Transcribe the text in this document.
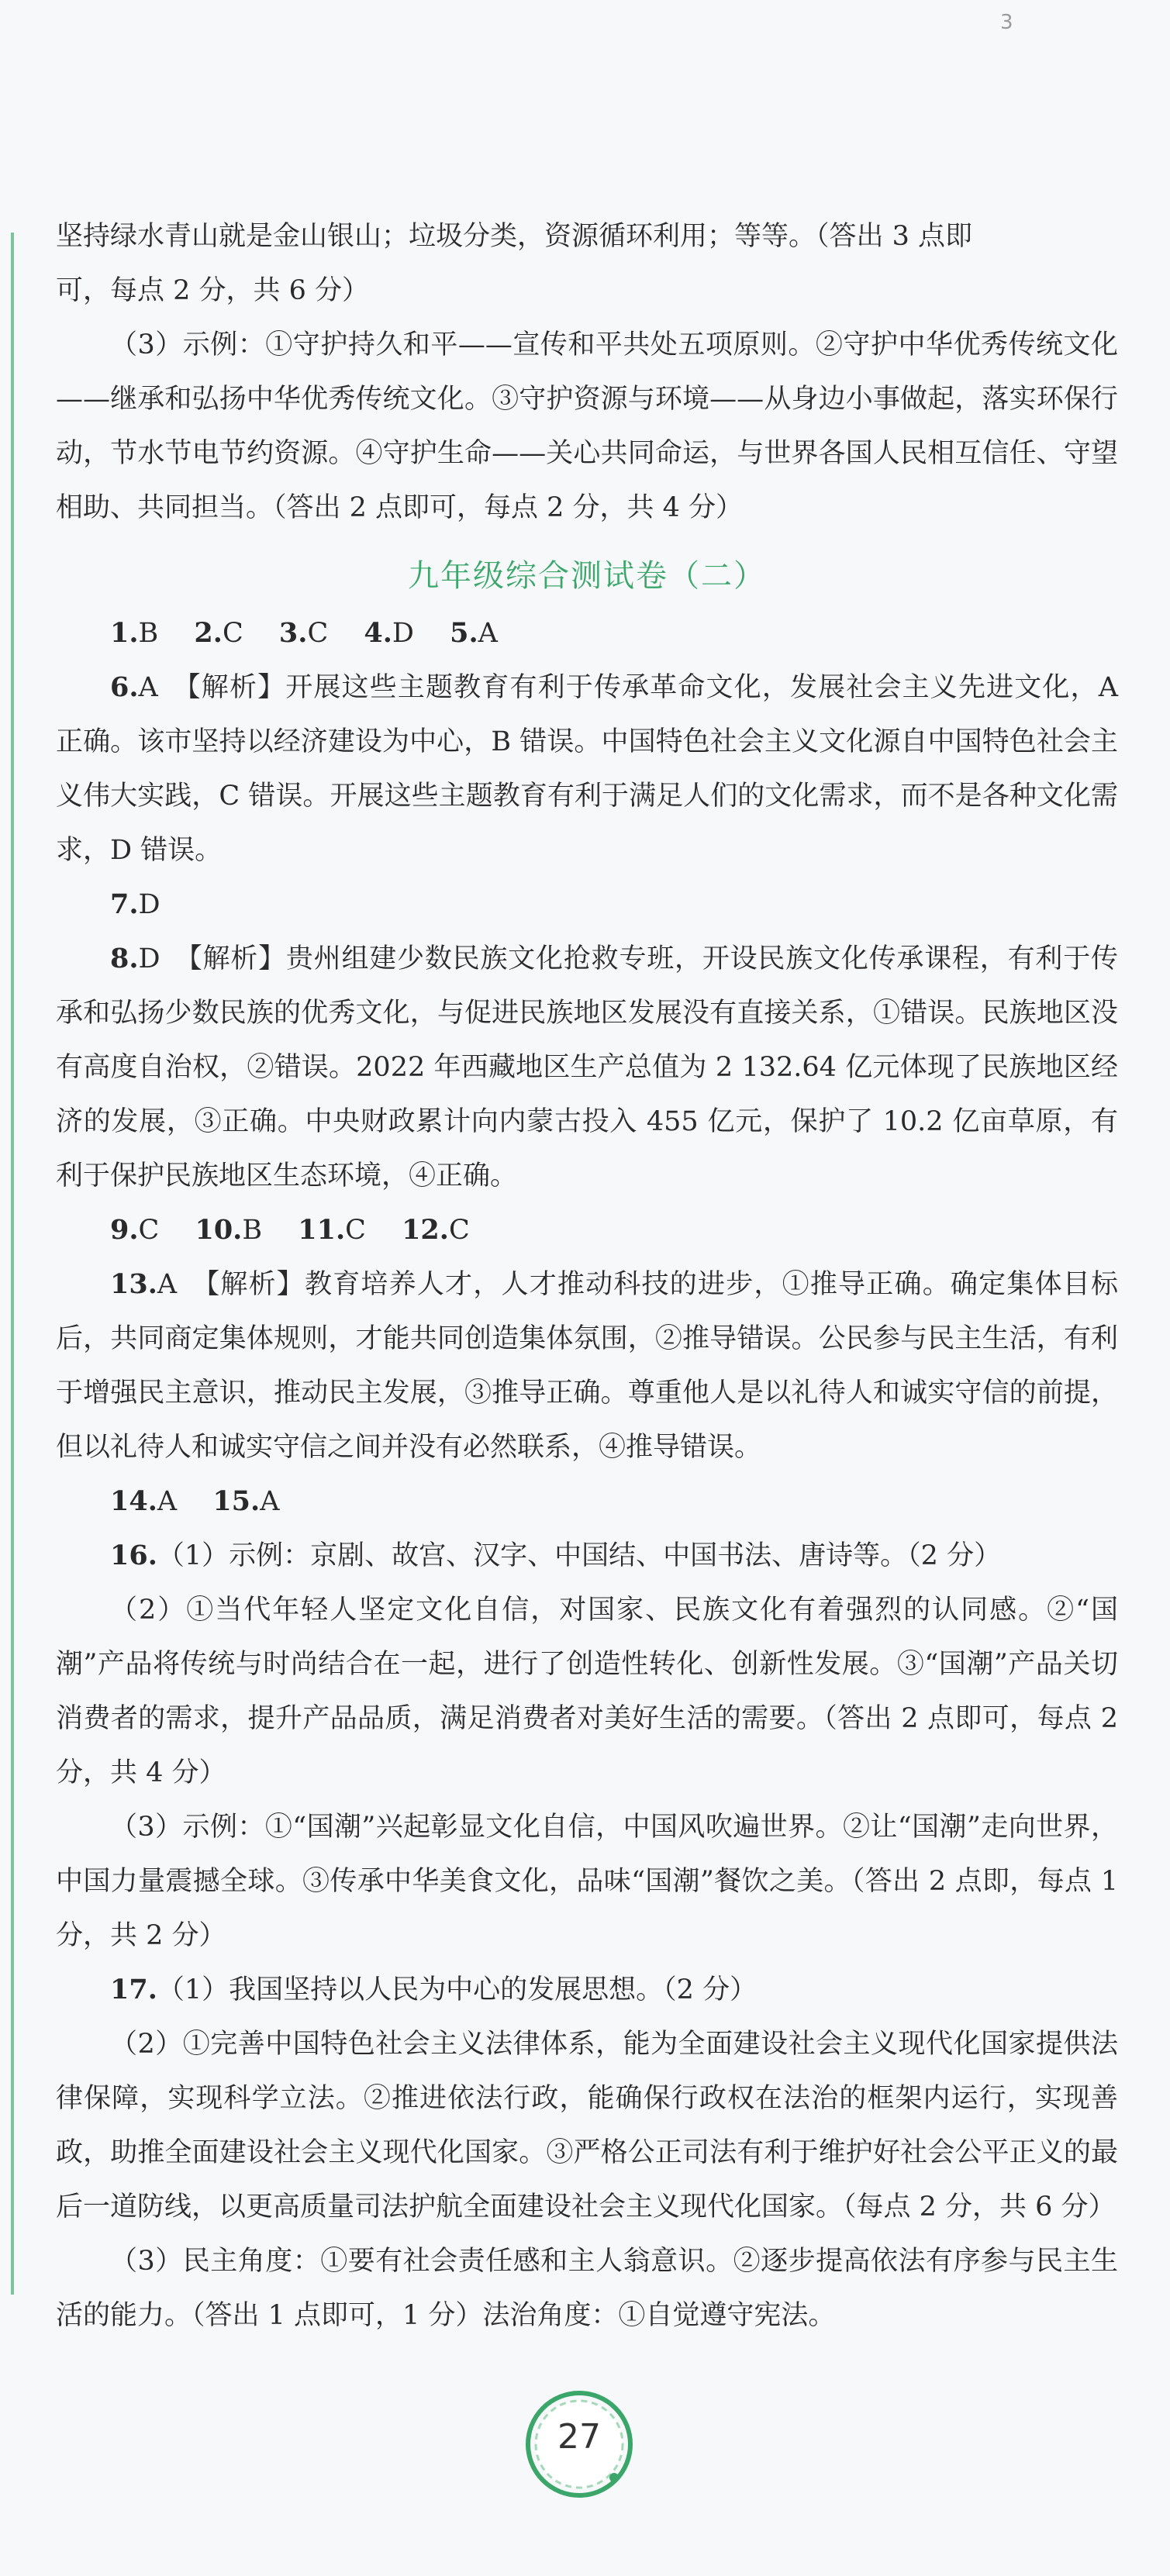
3

坚持绿水青山就是金山银山；垃圾分类，资源循环利用；等等。（答出 3 点即

可，每点 2 分，共 6 分）

（3）示例：①守护持久和平——宣传和平共处五项原则。②守护中华优秀传统文化——继承和弘扬中华优秀传统文化。③守护资源与环境——从身边小事做起，落实环保行动，节水节电节约资源。④守护生命——关心共同命运，与世界各国人民相互信任、守望相助、共同担当。（答出 2 点即可，每点 2 分，共 4 分）

九年级综合测试卷（二）

1.B　 2.C　 3.C　 4.D　 5.A

6.A　【解析】开展这些主题教育有利于传承革命文化，发展社会主义先进文化，A 正确。该市坚持以经济建设为中心，B 错误。中国特色社会主义文化源自中国特色社会主义伟大实践，C 错误。开展这些主题教育有利于满足人们的文化需求，而不是各种文化需求，D 错误。

7.D

8.D　【解析】贵州组建少数民族文化抢救专班，开设民族文化传承课程，有利于传承和弘扬少数民族的优秀文化，与促进民族地区发展没有直接关系，①错误。民族地区没有高度自治权，②错误。2022 年西藏地区生产总值为 2 132.64 亿元体现了民族地区经济的发展，③正确。中央财政累计向内蒙古投入 455 亿元，保护了 10.2 亿亩草原，有利于保护民族地区生态环境，④正确。

9.C　 10.B　 11.C　 12.C

13.A　【解析】教育培养人才，人才推动科技的进步，①推导正确。确定集体目标后，共同商定集体规则，才能共同创造集体氛围，②推导错误。公民参与民主生活，有利于增强民主意识，推动民主发展，③推导正确。尊重他人是以礼待人和诚实守信的前提，但以礼待人和诚实守信之间并没有必然联系，④推导错误。

14.A　 15.A

16.（1）示例：京剧、故宫、汉字、中国结、中国书法、唐诗等。（2 分）

（2）①当代年轻人坚定文化自信，对国家、民族文化有着强烈的认同感。②“国潮”产品将传统与时尚结合在一起，进行了创造性转化、创新性发展。③“国潮”产品关切消费者的需求，提升产品品质，满足消费者对美好生活的需要。（答出 2 点即可，每点 2 分，共 4 分）

（3）示例：①“国潮”兴起彰显文化自信，中国风吹遍世界。②让“国潮”走向世界，中国力量震撼全球。③传承中华美食文化，品味“国潮”餐饮之美。（答出 2 点即，每点 1 分，共 2 分）

17.（1）我国坚持以人民为中心的发展思想。（2 分）

（2）①完善中国特色社会主义法律体系，能为全面建设社会主义现代化国家提供法律保障，实现科学立法。②推进依法行政，能确保行政权在法治的框架内运行，实现善政，助推全面建设社会主义现代化国家。③严格公正司法有利于维护好社会公平正义的最后一道防线，以更高质量司法护航全面建设社会主义现代化国家。（每点 2 分，共 6 分）

（3）民主角度：①要有社会责任感和主人翁意识。②逐步提高依法有序参与民主生活的能力。（答出 1 点即可，1 分）法治角度：①自觉遵守宪法。

27
